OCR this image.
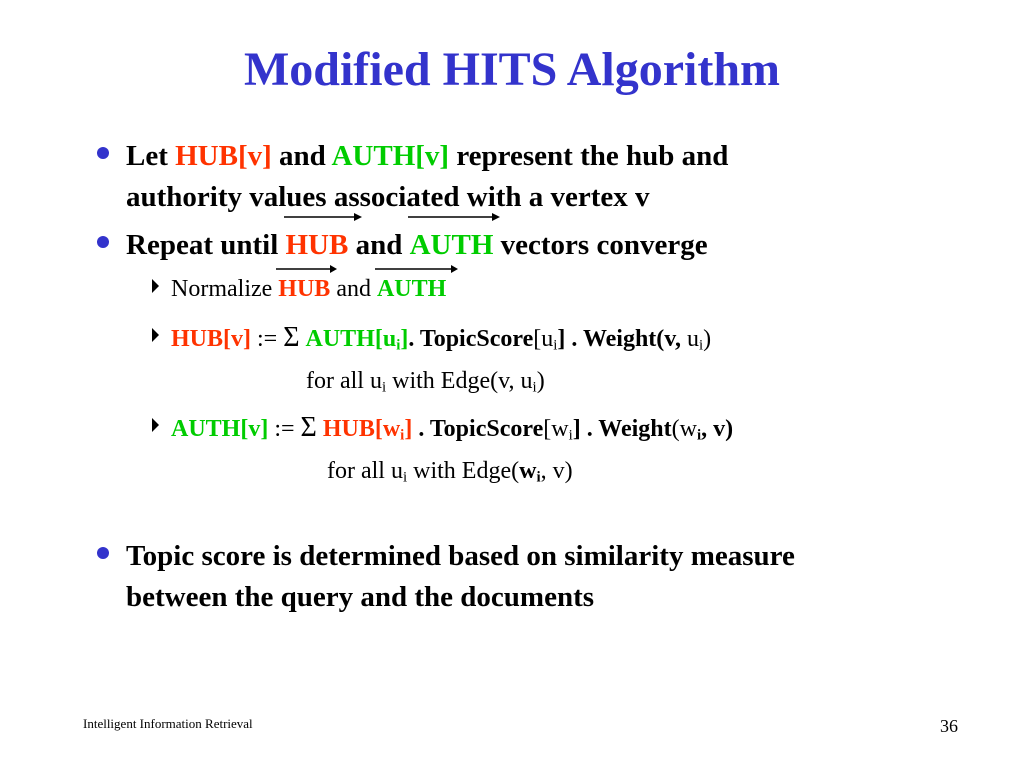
Modified HITS Algorithm
Let HUB[v] and AUTH[v] represent the hub and
authority values associated with a vertex v
Repeat until HUB and AUTH vectors converge
Normalize HUB and AUTH
HUB[v] := Σ $AUTH[u_i]$. $TopicScore[u_i]$ . Weight(v, $u_i$)
for all $u_i$ with Edge(v, $u_i$)
AUTH[v] := Σ $HUB[w_i]$ . $TopicScore[w_i]$ . $Weight(w_i$, v)
for all $u_i$ with $Edge(w_i$, v)
Topic score is determined based on similarity measure
between the query and the documents
Intelligent Information Retrieval	36
